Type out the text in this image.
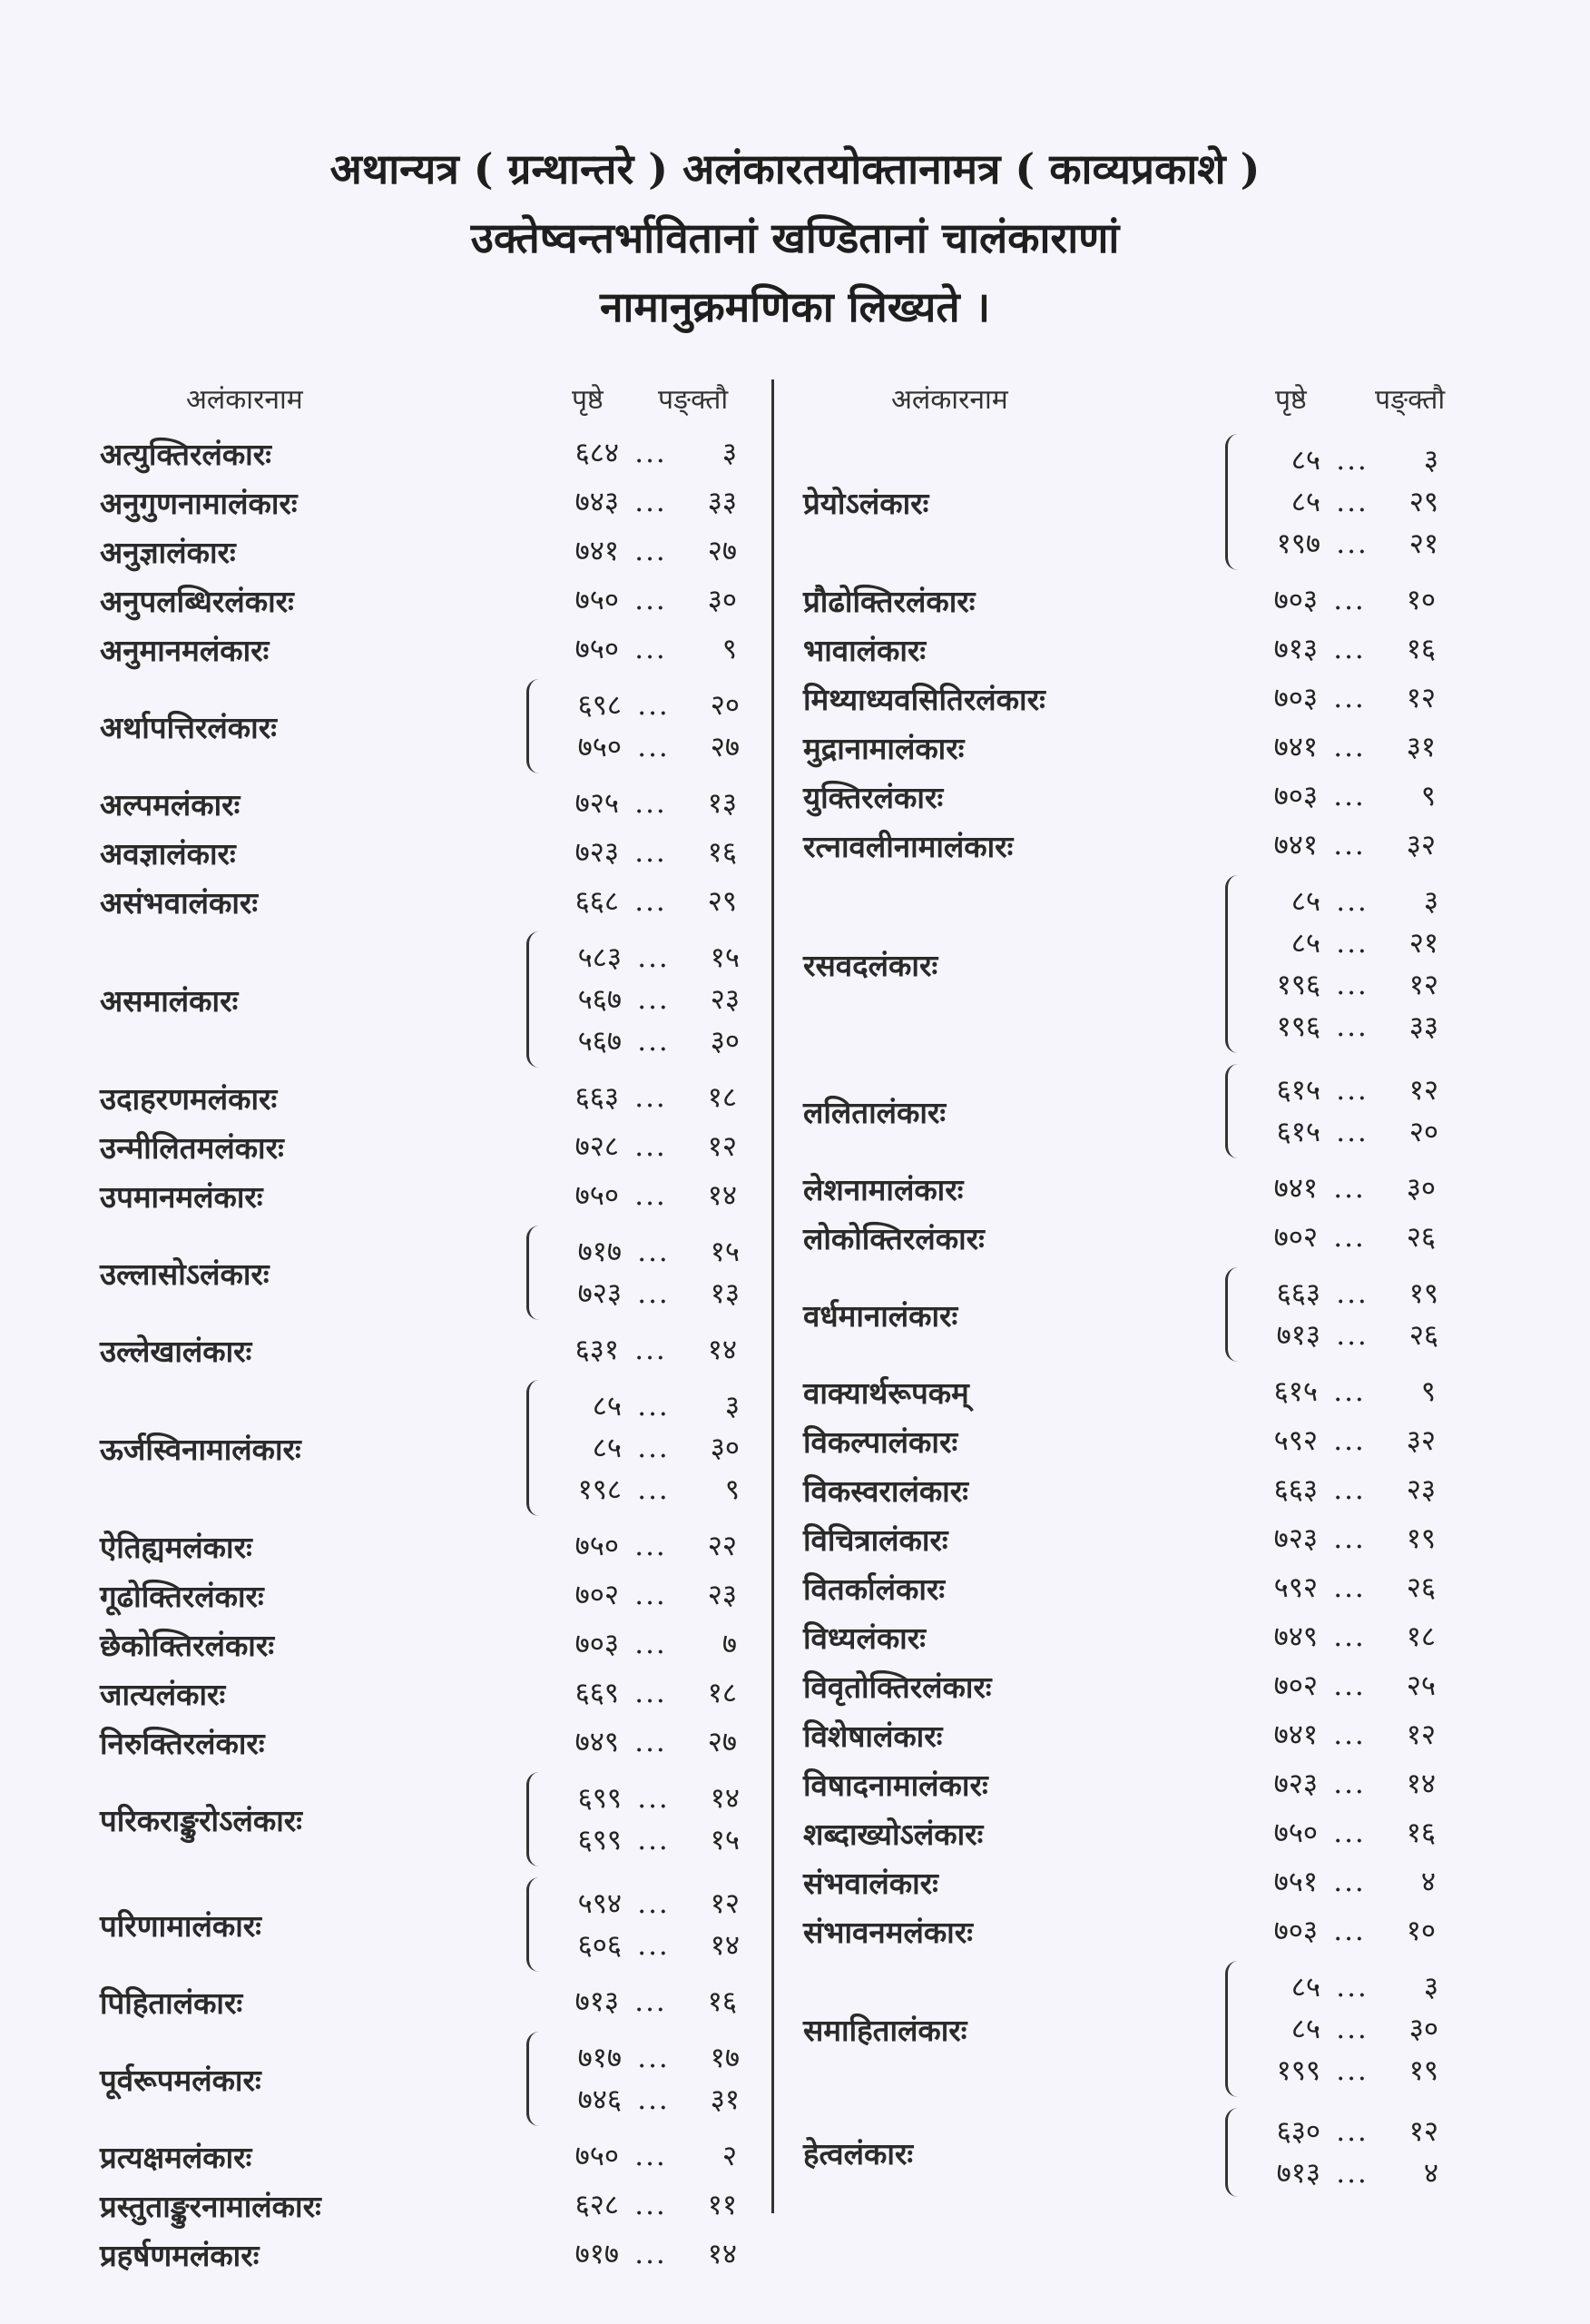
अथान्यत्र ( ग्रन्थान्तरे ) अलंकारतयोक्तानामत्र ( काव्यप्रकाशे )
उक्तेष्वन्तर्भावितानां खण्डितानां चालंकाराणां
नामानुक्रमणिका लिख्यते ।
अलंकारनाम	पृष्ठे पङ्क्तौ
अत्युक्तिरलंकारः	६८४ ...	३
अनुगुणनामालंकारः	७४३ ...	३३
अनुज्ञालंकारः	७४१ ...	२७
अनुपलब्धिरलंकारः	७५० ...	३०
अनुमानमलंकारः	७५० ...	९
अर्थापत्तिरलंकारः
६९८ ...	२०
७५० ...	२७
अल्पमलंकारः	७२५ ...	१३
अवज्ञालंकारः	७२३ ...	१६
असंभवालंकारः	६६८ ...	२९
असमालंकारः
५८३ ...	१५
५६७ ...	२३
५६७ ...	३०
उदाहरणमलंकारः	६६३ ...	१८
उन्मीलितमलंकारः	७२८ ...	१२
उपमानमलंकारः	७५० ...	१४
उल्लासोऽलंकारः
७१७ ...	१५
७२३ ...	१३
उल्लेखालंकारः	६३१ ...	१४
ऊर्जस्विनामालंकारः
८५ ...	३
८५ ...	३०
१९८ ...	९
ऐतिह्यमलंकारः	७५० ...	२२
गूढोक्तिरलंकारः	७०२ ...	२३
छेकोक्तिरलंकारः	७०३ ...	७
जात्यलंकारः	६६९ ...	१८
निरुक्तिरलंकारः	७४९ ...	२७
परिकराङ्कुरोऽलंकारः
६९९ ...	१४
६९९ ...	१५
परिणामालंकारः
५९४ ...	१२
६०६ ...	१४
पिहितालंकारः	७१३ ...	१६
पूर्वरूपमलंकारः
७१७ ...	१७
७४६ ...	३१
प्रत्यक्षमलंकारः	७५० ...	२
प्रस्तुताङ्कुरनामालंकारः	६२८ ...	११
प्रहर्षणमलंकारः	७१७ ...	१४
अलंकारनाम	पृष्ठे	पङ्क्तौ
प्रेयोऽलंकारः
८५ ...	३
८५ ...	२९
१९७ ...	२१
प्रौढोक्तिरलंकारः	७०३ ...	१०
भावालंकारः	७१३ ...	१६
मिथ्याध्यवसितिरलंकारः	७०३ ...	१२
मुद्रानामालंकारः	७४१ ...	३१
युक्तिरलंकारः	७०३ ...	९
रत्नावलीनामालंकारः	७४१ ...	३२
रसवदलंकारः
८५ ...	३
८५ ...	२१
१९६ ...	१२
१९६ ...	३३
ललितालंकारः
६१५ ...	१२
६१५ ...	२०
लेशनामालंकारः	७४१ ...	३०
लोकोक्तिरलंकारः	७०२ ...	२६
वर्धमानालंकारः
६६३ ...	१९
७१३ ...	२६
वाक्यार्थरूपकम्	६१५ ...	९
विकल्पालंकारः	५९२ ...	३२
विकस्वरालंकारः	६६३ ...	२३
विचित्रालंकारः	७२३ ...	१९
वितर्कालंकारः	५९२ ...	२६
विध्यलंकारः	७४९ ...	१८
विवृतोक्तिरलंकारः	७०२ ...	२५
विशेषालंकारः	७४१ ...	१२
विषादनामालंकारः	७२३ ...	१४
शब्दाख्योऽलंकारः	७५० ...	१६
संभवालंकारः	७५१ ...	४
संभावनमलंकारः	७०३ ...	१०
समाहितालंकारः
८५ ...	३
८५ ...	३०
१९९ ...	१९
हेत्वलंकारः
६३० ...	१२
७१३ ...	४
